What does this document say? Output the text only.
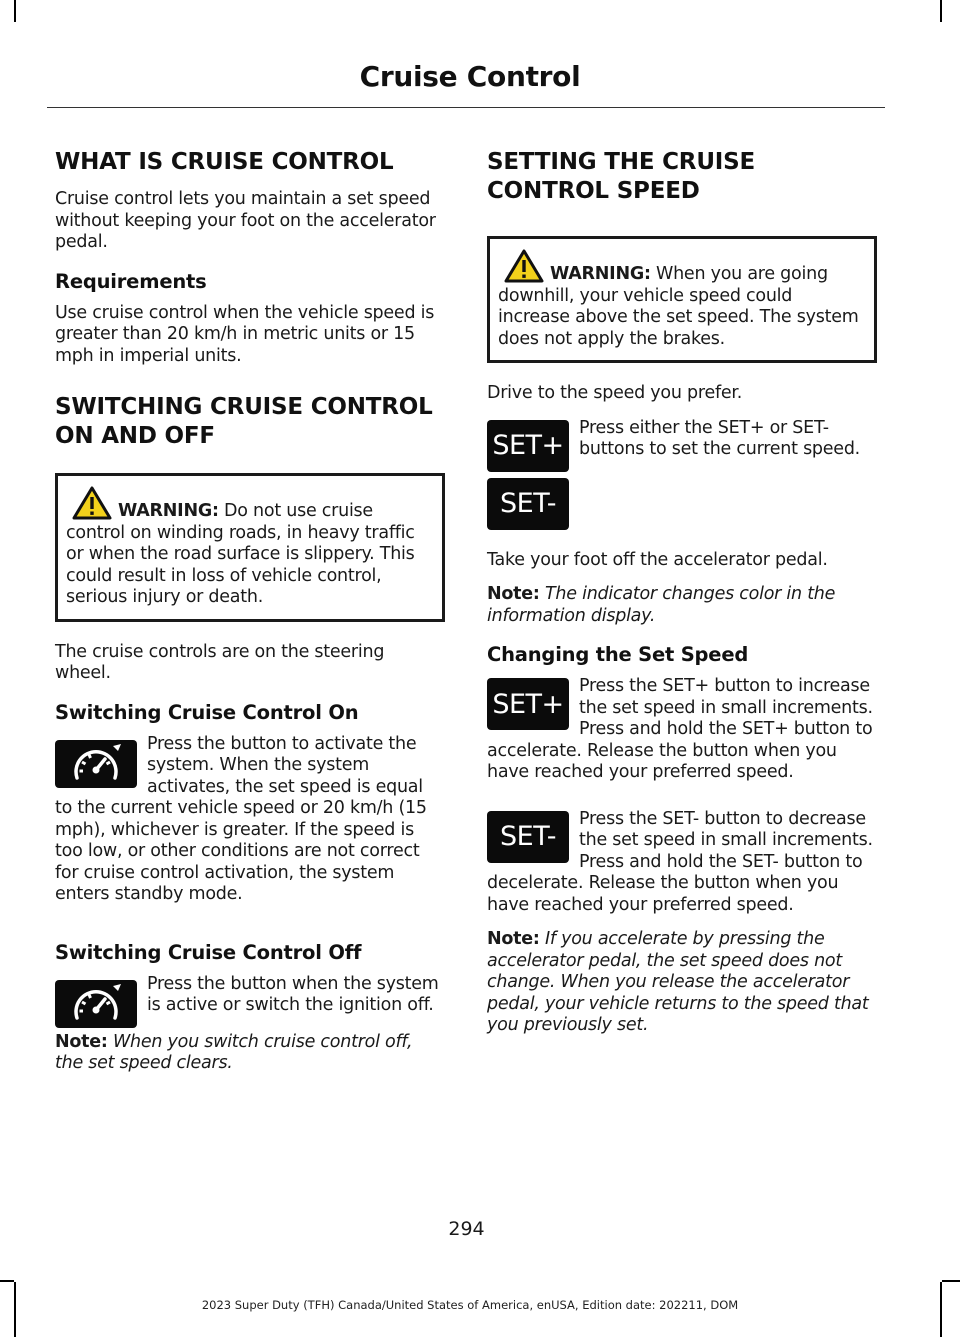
Cruise Control
WHAT IS CRUISE CONTROL

Cruise control lets you maintain a set speed without keeping your foot on the accelerator pedal.

Requirements

Use cruise control when the vehicle speed is greater than 20 km/h in metric units or 15 mph in imperial units.

SWITCHING CRUISE CONTROL
ON AND OFF
WARNING: Do not use cruise control on winding roads, in heavy traffic or when the road surface is slippery. This could result in loss of vehicle control, serious injury or death.

The cruise controls are on the steering wheel.

Switching Cruise Control On

Press the button to activate the system. When the system activates, the set speed is equal to the current vehicle speed or 20 km/h (15 mph), whichever is greater. If the speed is too low, or other conditions are not correct for cruise control activation, the system enters standby mode.

Switching Cruise Control Off

Press the button when the system is active or switch the ignition off.

Note: When you switch cruise control off, the set speed clears.

SETTING THE CRUISE
CONTROL SPEED
WARNING: When you are going downhill, your vehicle speed could increase above the set speed. The system does not apply the brakes.

Drive to the speed you prefer.

SET+
SET-

Press either the SET+ or SET- buttons to set the current speed.

Take your foot off the accelerator pedal.

Note: The indicator changes color in the information display.

Changing the Set Speed
SET+

Press the SET+ button to increase the set speed in small increments. Press and hold the SET+ button to accelerate. Release the button when you have reached your preferred speed.

SET-

Press the SET- button to decrease the set speed in small increments. Press and hold the SET- button to decelerate. Release the button when you have reached your preferred speed.

Note: If you accelerate by pressing the accelerator pedal, the set speed does not change. When you release the accelerator pedal, your vehicle returns to the speed that you previously set.

294
2023 Super Duty (TFH) Canada/United States of America, enUSA, Edition date: 202211, DOM
